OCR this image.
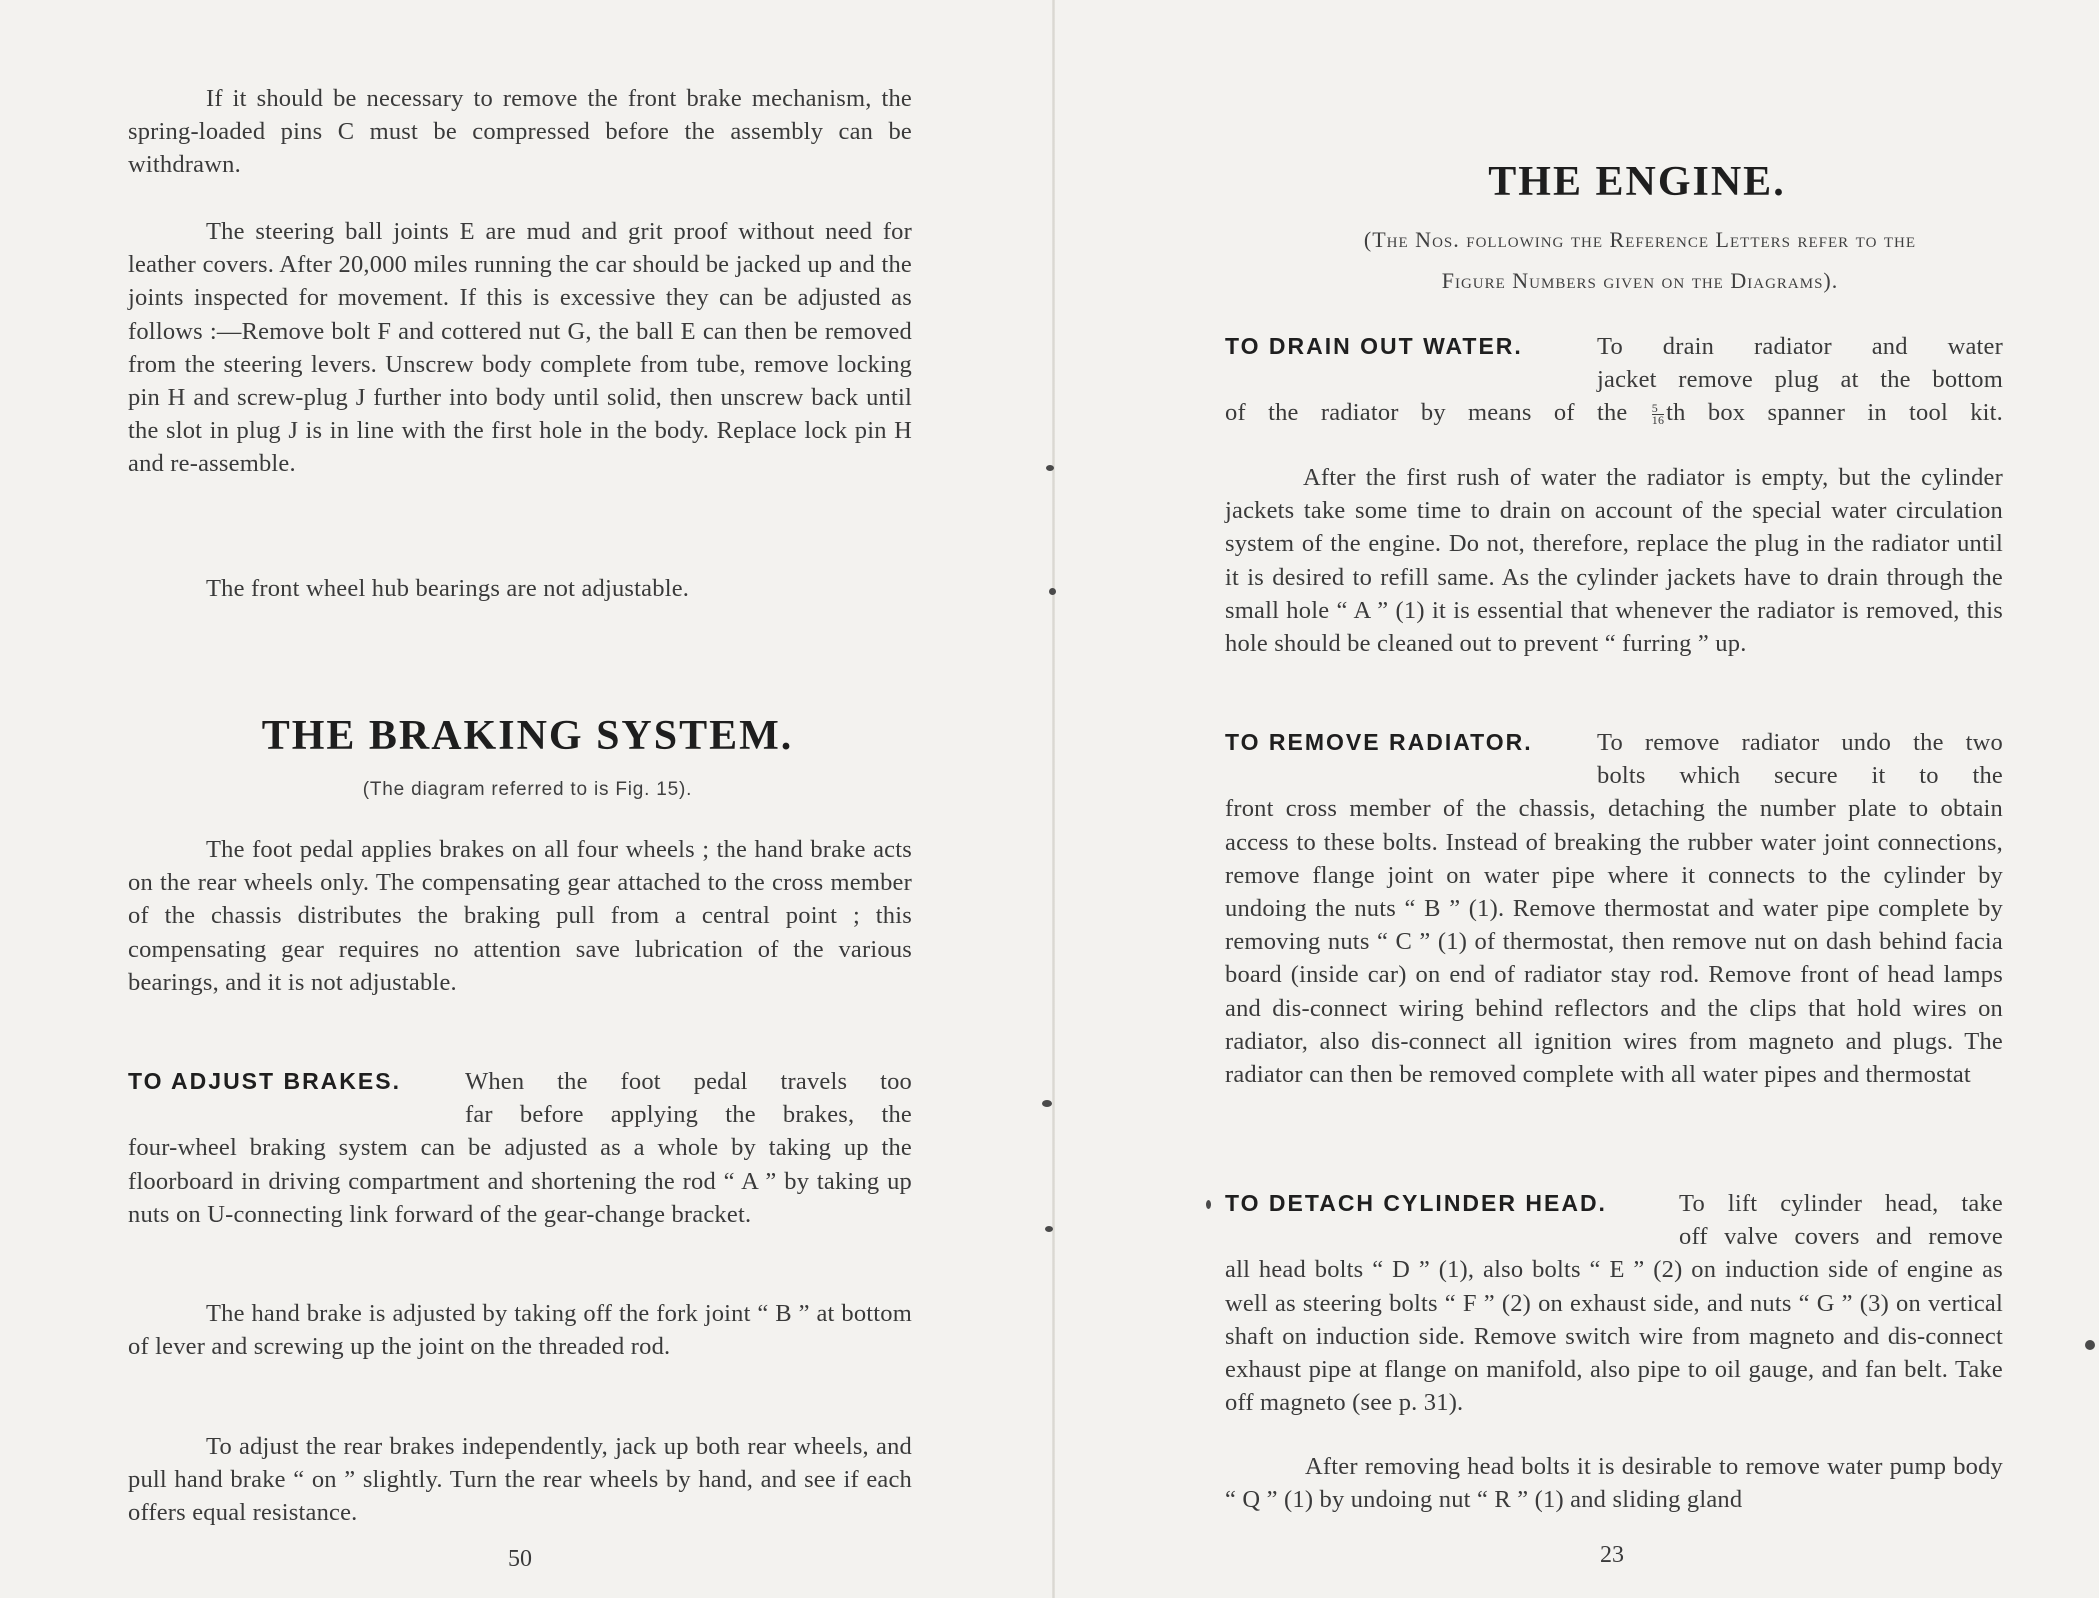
If it should be necessary to remove the front brake mechanism, the spring-loaded pins C must be compressed before the assembly can be withdrawn.

The steering ball joints E are mud and grit proof without need for leather covers. After 20,000 miles running the car should be jacked up and the joints inspected for movement. If this is excessive they can be adjusted as follows :—Remove bolt F and cottered nut G, the ball E can then be removed from the steering levers. Unscrew body complete from tube, remove locking pin H and screw-plug J further into body until solid, then unscrew back until the slot in plug J is in line with the first hole in the body. Replace lock pin H and re-assemble.

The front wheel hub bearings are not adjustable.

THE BRAKING SYSTEM.

(The diagram referred to is Fig. 15).

The foot pedal applies brakes on all four wheels ; the hand brake acts on the rear wheels only. The compensating gear attached to the cross member of the chassis distributes the braking pull from a central point ; this compensating gear requires no attention save lubrication of the various bearings, and it is not adjustable.

TO ADJUST BRAKES.	When the foot pedal travels too
far before applying the brakes, the
four-wheel braking system can be adjusted as a whole by taking up the floorboard in driving compartment and shortening the rod “ A ” by taking up nuts on U-connecting link forward of the gear-change bracket.

The hand brake is adjusted by taking off the fork joint “ B ” at bottom of lever and screwing up the joint on the threaded rod.

To adjust the rear brakes independently, jack up both rear wheels, and pull hand brake “ on ” slightly. Turn the rear wheels by hand, and see if each offers equal resistance.

50
THE ENGINE.
(The Nos. following the Reference Letters refer to the
Figure Numbers given on the Diagrams).
TO DRAIN OUT WATER.	To drain radiator and water
jacket remove plug at the bottom
of the radiator by means of the $\frac{5}{16}$ th box spanner in tool kit.

After the first rush of water the radiator is empty, but the cylinder jackets take some time to drain on account of the special water circulation system of the engine. Do not, therefore, replace the plug in the radiator until it is desired to refill same. As the cylinder jackets have to drain through the small hole “ A ” (1) it is essential that whenever the radiator is removed, this hole should be cleaned out to prevent “ furring ” up.

TO REMOVE RADIATOR.	To remove radiator undo the two
bolts which secure it to the
front cross member of the chassis, detaching the number plate to obtain access to these bolts. Instead of breaking the rubber water joint connections, remove flange joint on water pipe where it connects to the cylinder by undoing the nuts “ B ” (1). Remove thermostat and water pipe complete by removing nuts “ C ” (1) of thermostat, then remove nut on dash behind facia board (inside car) on end of radiator stay rod. Remove front of head lamps and dis-connect wiring behind reflectors and the clips that hold wires on radiator, also dis-connect all ignition wires from magneto and plugs. The radiator can then be removed complete with all water pipes and thermostat
TO DETACH CYLINDER HEAD.	To lift cylinder head, take
off valve covers and remove
all head bolts “ D ” (1), also bolts “ E ” (2) on induction side of engine as well as steering bolts “ F ” (2) on exhaust side, and nuts “ G ” (3) on vertical shaft on induction side. Remove switch wire from magneto and dis-connect exhaust pipe at flange on manifold, also pipe to oil gauge, and fan belt. Take off magneto (see p. 31).

After removing head bolts it is desirable to remove water pump body “ Q ” (1) by undoing nut “ R ” (1) and sliding gland

23
